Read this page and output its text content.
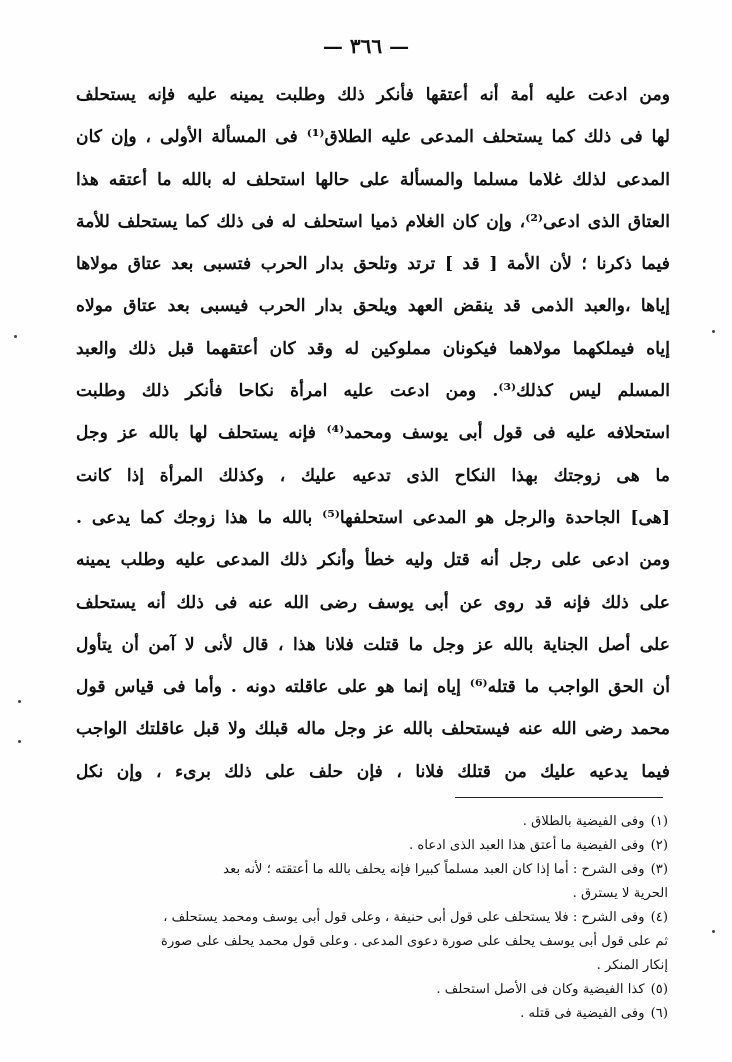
— ٣٦٦ —
ومن ادعت عليه أمة أنه أعتقها فأنكر ذلك وطلبت يمينه عليه فإنه يستحلف
لها فى ذلك كما يستحلف المدعى عليه الطلاق⁽¹⁾ فى المسألة الأولى ، وإن كان
المدعى لذلك غلاما مسلما والمسألة على حالها استحلف له بالله ما أعتقه هذا
العتاق الذى ادعى⁽²⁾، وإن كان الغلام ذميا استحلف له فى ذلك كما يستحلف للأمة
فيما ذكرنا ؛ لأن الأمة [ قد ] ترتد وتلحق بدار الحرب فتسبى بعد عتاق مولاها
إياها ،والعبد الذمى قد ينقض العهد ويلحق بدار الحرب فيسبى بعد عتاق مولاه
إياه فيملكهما مولاهما فيكونان مملوكين له وقد كان أعتقهما قبل ذلك والعبد
المسلم ليس كذلك⁽³⁾. ومن ادعت عليه امرأة نكاحا فأنكر ذلك وطلبت
استحلافه عليه فى قول أبى يوسف ومحمد⁽⁴⁾ فإنه يستحلف لها بالله عز وجل
ما هى زوجتك بهذا النكاح الذى تدعيه عليك ، وكذلك المرأة إذا كانت
[هى] الجاحدة والرجل هو المدعى استحلفها⁽⁵⁾ بالله ما هذا زوجك كما يدعى .
ومن ادعى على رجل أنه قتل وليه خطأ وأنكر ذلك المدعى عليه وطلب يمينه
على ذلك فإنه قد روى عن أبى يوسف رضى الله عنه فى ذلك أنه يستحلف
على أصل الجناية بالله عز وجل ما قتلت فلانا هذا ، قال لأنى لا آمن أن يتأول
أن الحق الواجب ما قتله⁽⁶⁾ إياه إنما هو على عاقلته دونه . وأما فى قياس قول
محمد رضى الله عنه فيستحلف بالله عز وجل ماله قبلك ولا قبل عاقلتك الواجب
فيما يدعيه عليك من قتلك فلانا ، فإن حلف على ذلك برىء ، وإن نكل
(١)وفى الفيضية بالطلاق .
(٢)وفى الفيضية ما أعتق هذا العبد الذى ادعاه .
(٣)وفى الشرح : أما إذا كان العبد مسلماً كبيرا فإنه يحلف بالله ما أعتقته ؛ لأنه بعد
الحرية لا يسترق .
(٤)وفى الشرح : فلا يستحلف على قول أبى حنيفة ، وعلى قول أبى يوسف ومحمد يستحلف ،
ثم على قول أبى يوسف يحلف على صورة دعوى المدعى . وعلى قول محمد يحلف على صورة
إنكار المنكر .
(٥)كذا الفيضية وكان فى الأصل استحلف .
(٦)وفى الفيضية فى قتله .
